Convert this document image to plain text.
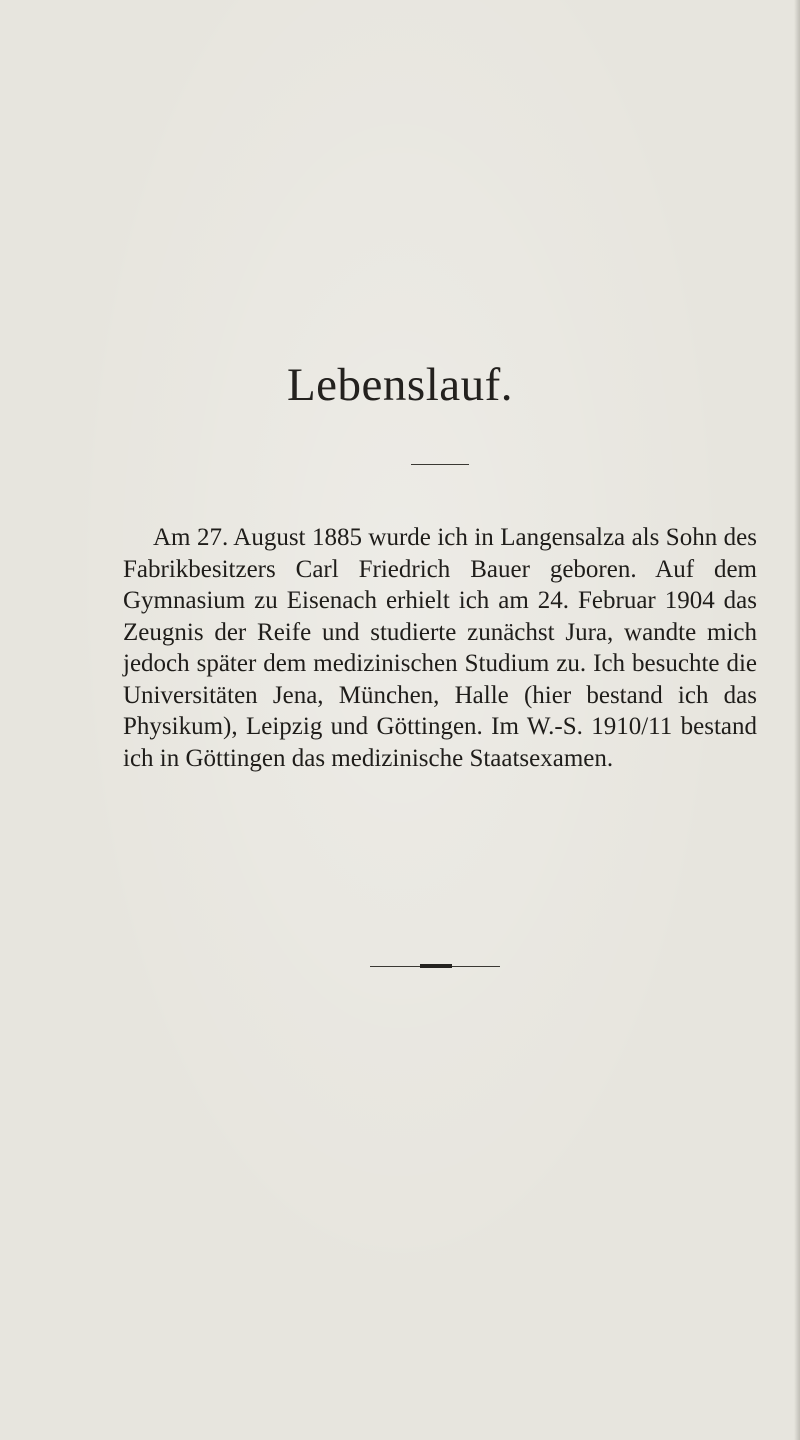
Lebenslauf.

Am 27. August 1885 wurde ich in Langensalza als Sohn des Fabrikbesitzers Carl Friedrich Bauer geboren. Auf dem Gymnasium zu Eisenach erhielt ich am 24. Februar 1904 das Zeugnis der Reife und studierte zunächst Jura, wandte mich jedoch später dem medizinischen Studium zu. Ich besuchte die Universitäten Jena, München, Halle (hier bestand ich das Physikum), Leipzig und Göttingen. Im W.-S. 1910/11 bestand ich in Göttingen das medizinische Staatsexamen.
